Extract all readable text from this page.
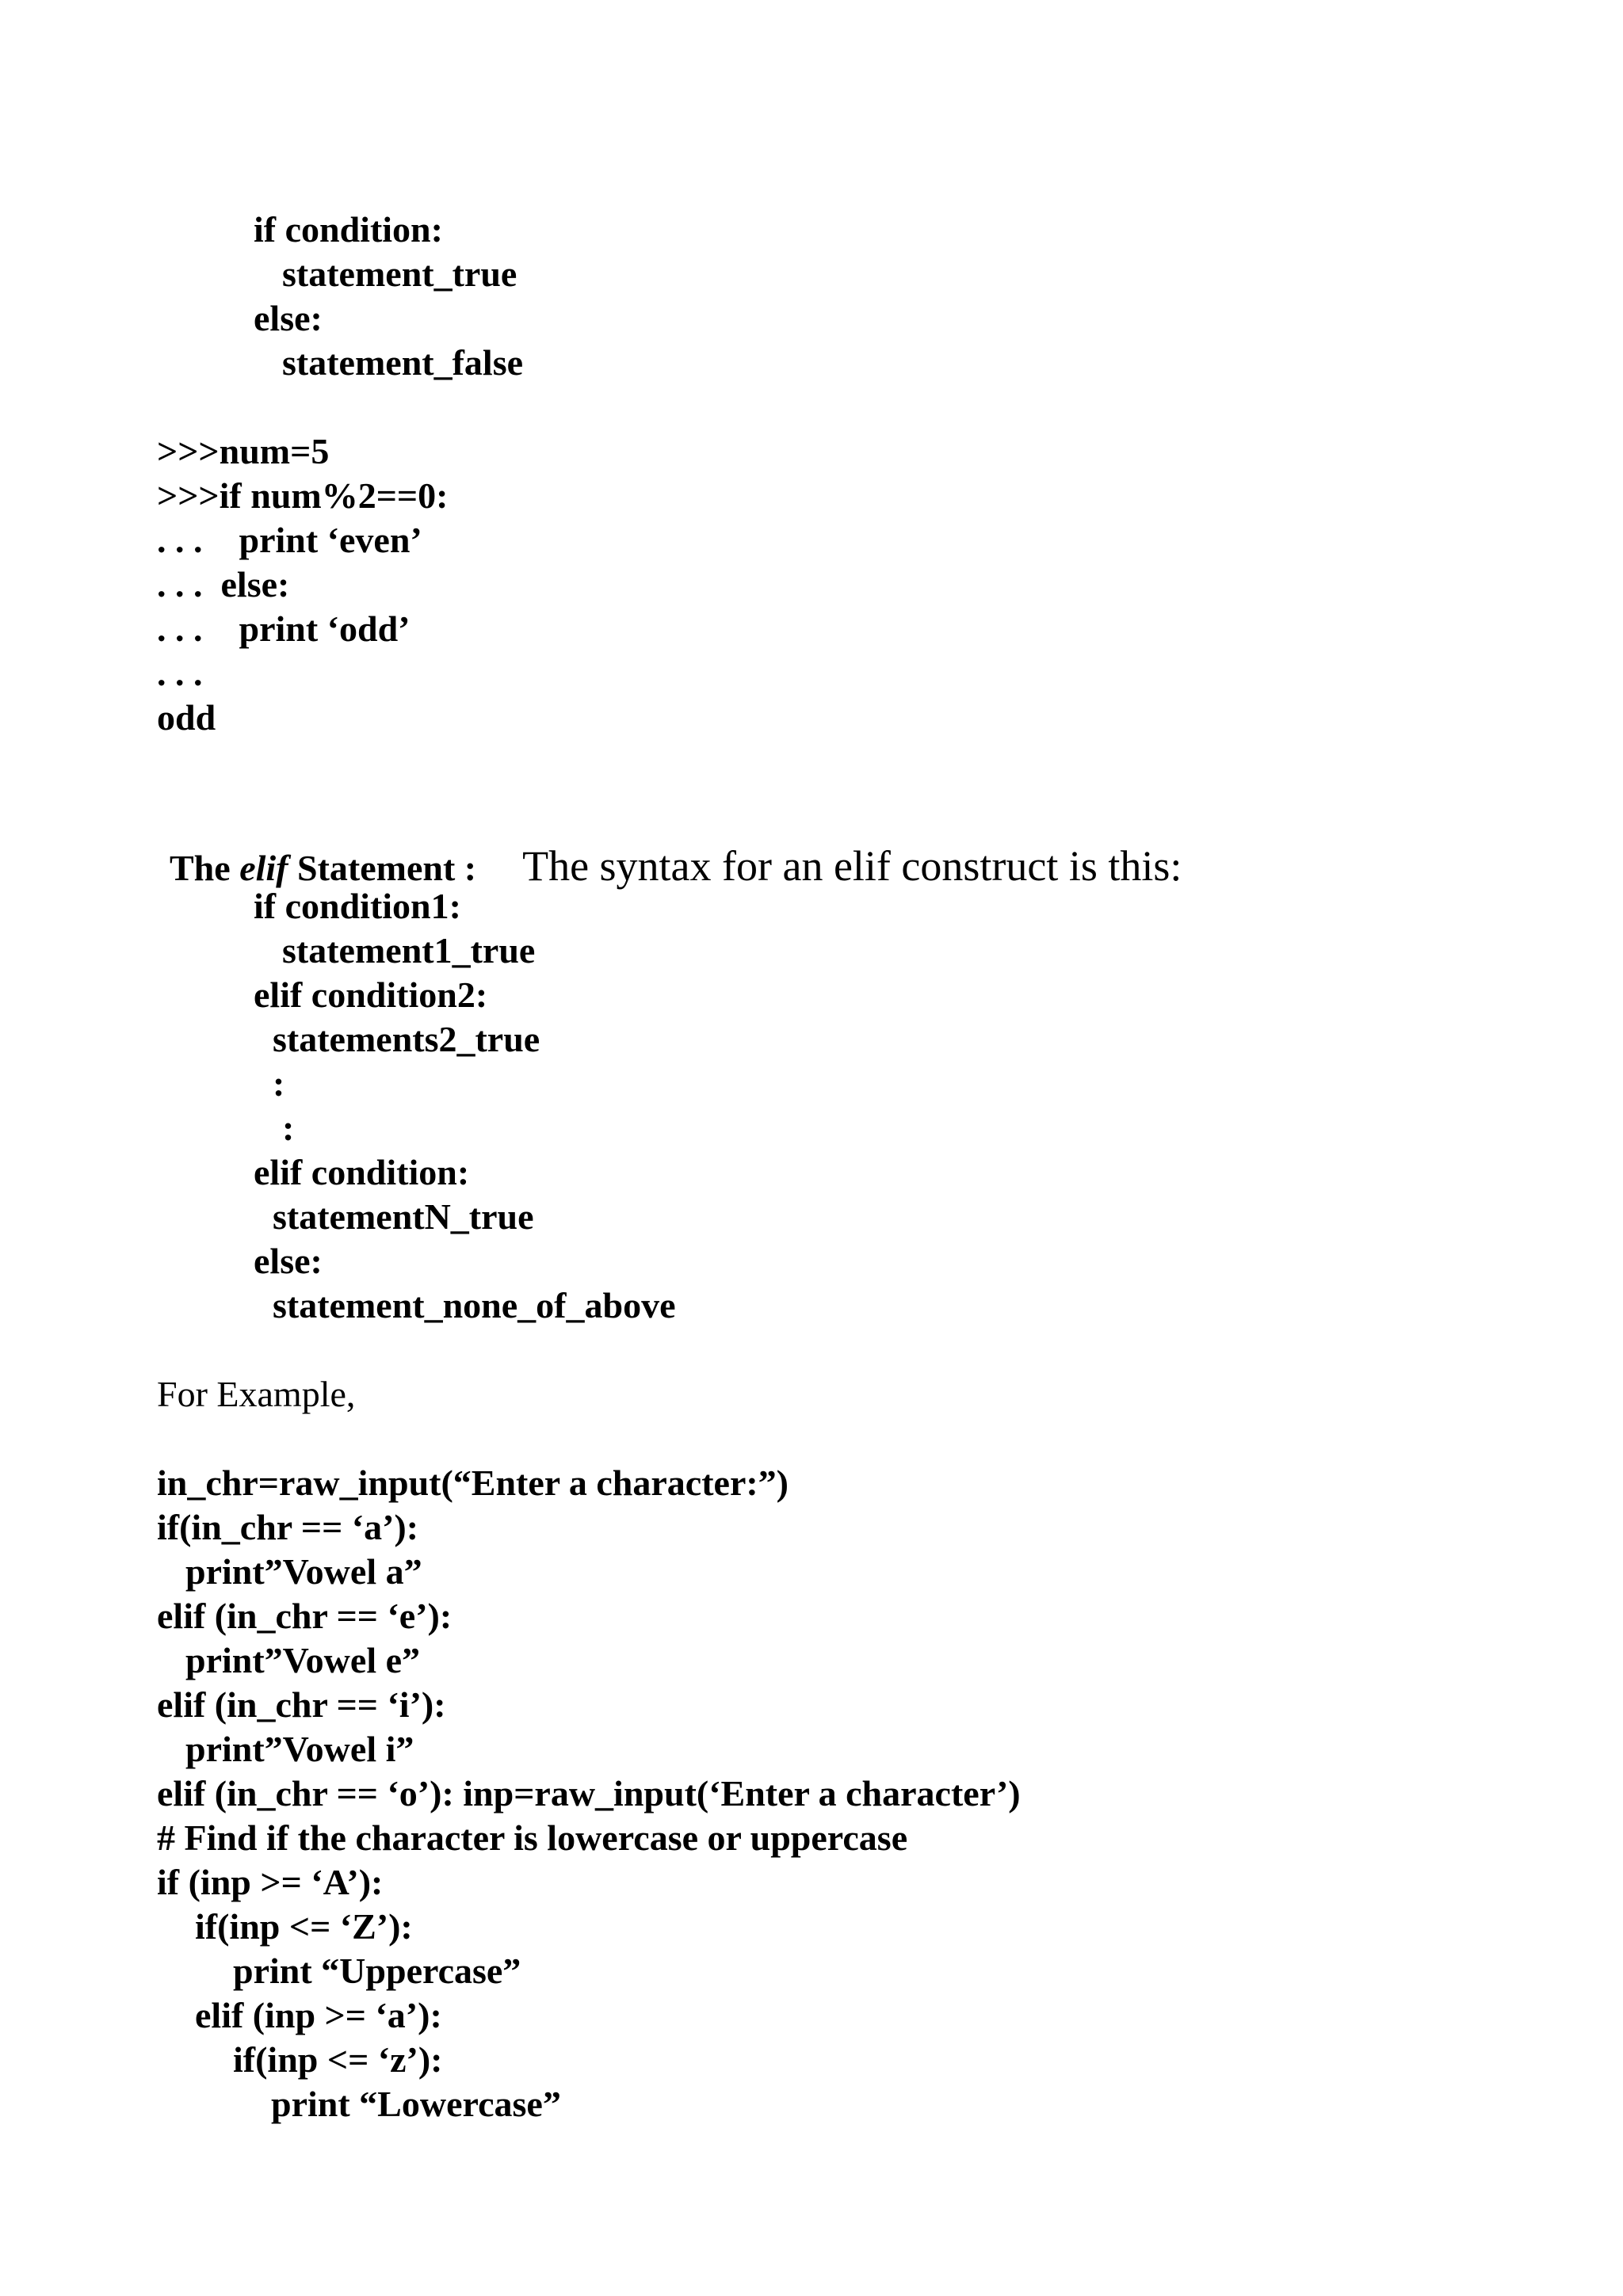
if condition:

statement_true

else:

statement_false

>>>num=5

>>>if num%2==0:

. . .    print ‘even’

. . .  else:

. . .    print ‘odd’

. . .

odd

The elif Statement : The syntax for an elif construct is this:

if condition1:

statement1_true

elif condition2:

statements2_true

:

:

elif condition:

statementN_true

else:

statement_none_of_above

For Example,

in_chr=raw_input(“Enter a character:”)

if(in_chr == ‘a’):

print”Vowel a”

elif (in_chr == ‘e’):

print”Vowel e”

elif (in_chr == ‘i’):

print”Vowel i”

elif (in_chr == ‘o’): inp=raw_input(‘Enter a character’)

# Find if the character is lowercase or uppercase

if (inp >= ‘A’):

if(inp <= ‘Z’):

print “Uppercase”

elif (inp >= ‘a’):

if(inp <= ‘z’):

print “Lowercase”
